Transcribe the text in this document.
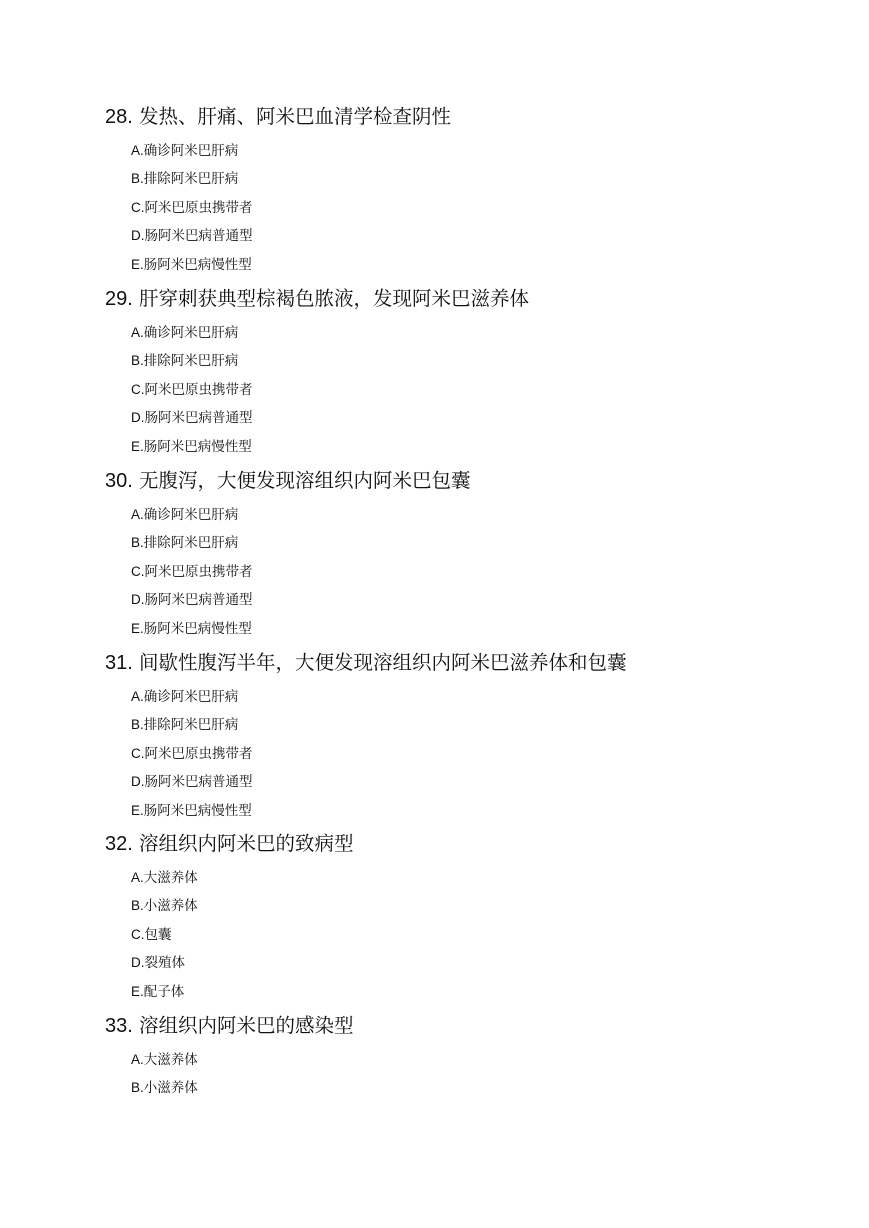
28. 发热、肝痛、阿米巴血清学检查阴性
A.确诊阿米巴肝病
B.排除阿米巴肝病
C.阿米巴原虫携带者
D.肠阿米巴病普通型
E.肠阿米巴病慢性型
29. 肝穿刺获典型棕褐色脓液，发现阿米巴滋养体
A.确诊阿米巴肝病
B.排除阿米巴肝病
C.阿米巴原虫携带者
D.肠阿米巴病普通型
E.肠阿米巴病慢性型
30. 无腹泻，大便发现溶组织内阿米巴包囊
A.确诊阿米巴肝病
B.排除阿米巴肝病
C.阿米巴原虫携带者
D.肠阿米巴病普通型
E.肠阿米巴病慢性型
31. 间歇性腹泻半年，大便发现溶组织内阿米巴滋养体和包囊
A.确诊阿米巴肝病
B.排除阿米巴肝病
C.阿米巴原虫携带者
D.肠阿米巴病普通型
E.肠阿米巴病慢性型
32. 溶组织内阿米巴的致病型
A.大滋养体
B.小滋养体
C.包囊
D.裂殖体
E.配子体
33. 溶组织内阿米巴的感染型
A.大滋养体
B.小滋养体
